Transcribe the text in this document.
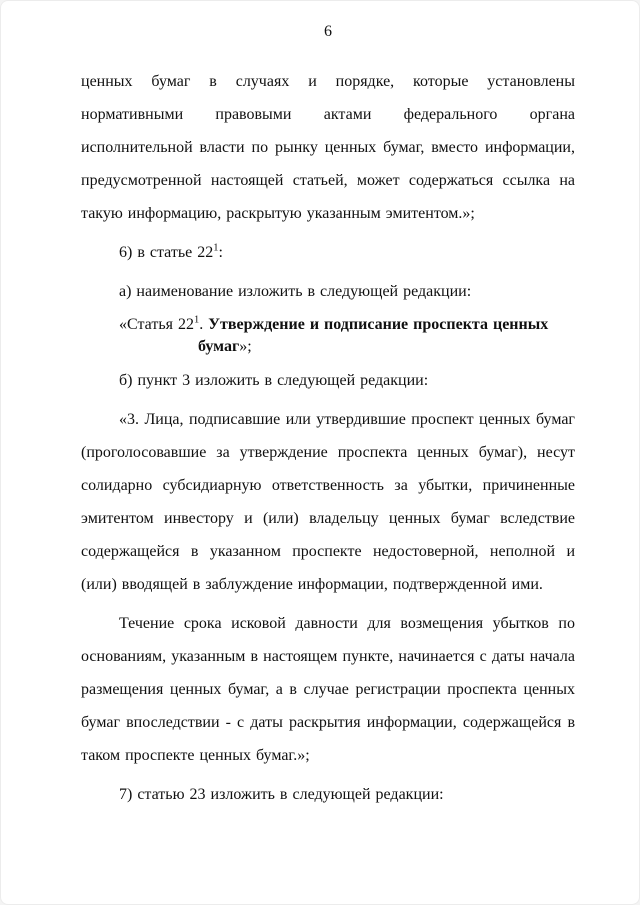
6

ценных бумаг в случаях и порядке, которые установлены нормативными правовыми актами федерального органа исполнительной власти по рынку ценных бумаг, вместо информации, предусмотренной настоящей статьей, может содержаться ссылка на такую информацию, раскрытую указанным эмитентом.»;

6) в статье 22$^1$:

а) наименование изложить в следующей редакции:

«Статья 22$^1$. Утверждение и подписание проспекта ценных бумаг»;

б) пункт 3 изложить в следующей редакции:

«3. Лица, подписавшие или утвердившие проспект ценных бумаг (проголосовавшие за утверждение проспекта ценных бумаг), несут солидарно субсидиарную ответственность за убытки, причиненные эмитентом инвестору и (или) владельцу ценных бумаг вследствие содержащейся в указанном проспекте недостоверной, неполной и (или) вводящей в заблуждение информации, подтвержденной ими.

Течение срока исковой давности для возмещения убытков по основаниям, указанным в настоящем пункте, начинается с даты начала размещения ценных бумаг, а в случае регистрации проспекта ценных бумаг впоследствии - с даты раскрытия информации, содержащейся в таком проспекте ценных бумаг.»;

7) статью 23 изложить в следующей редакции:
